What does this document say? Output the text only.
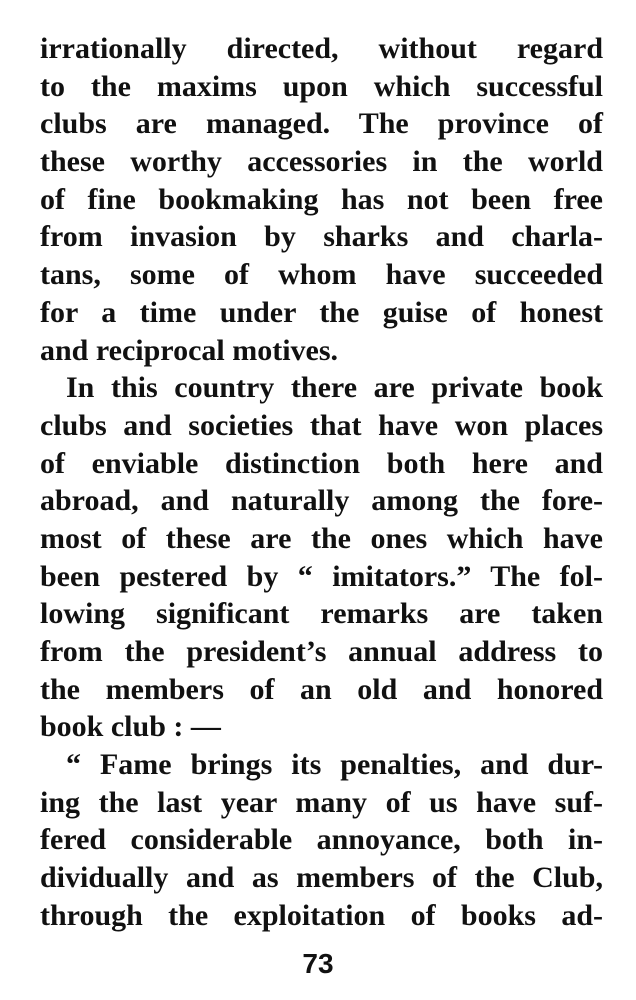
irrationally directed, without regard
to the maxims upon which successful
clubs are managed. The province of
these worthy accessories in the world
of fine bookmaking has not been free
from invasion by sharks and charla-
tans, some of whom have succeeded
for a time under the guise of honest
and reciprocal motives.
In this country there are private book
clubs and societies that have won places
of enviable distinction both here and
abroad, and naturally among the fore-
most of these are the ones which have
been pestered by “ imitators.” The fol-
lowing significant remarks are taken
from the president’s annual address to
the members of an old and honored
book club : —
“ Fame brings its penalties, and dur-
ing the last year many of us have suf-
fered considerable annoyance, both in-
dividually and as members of the Club,
through the exploitation of books ad-
73
